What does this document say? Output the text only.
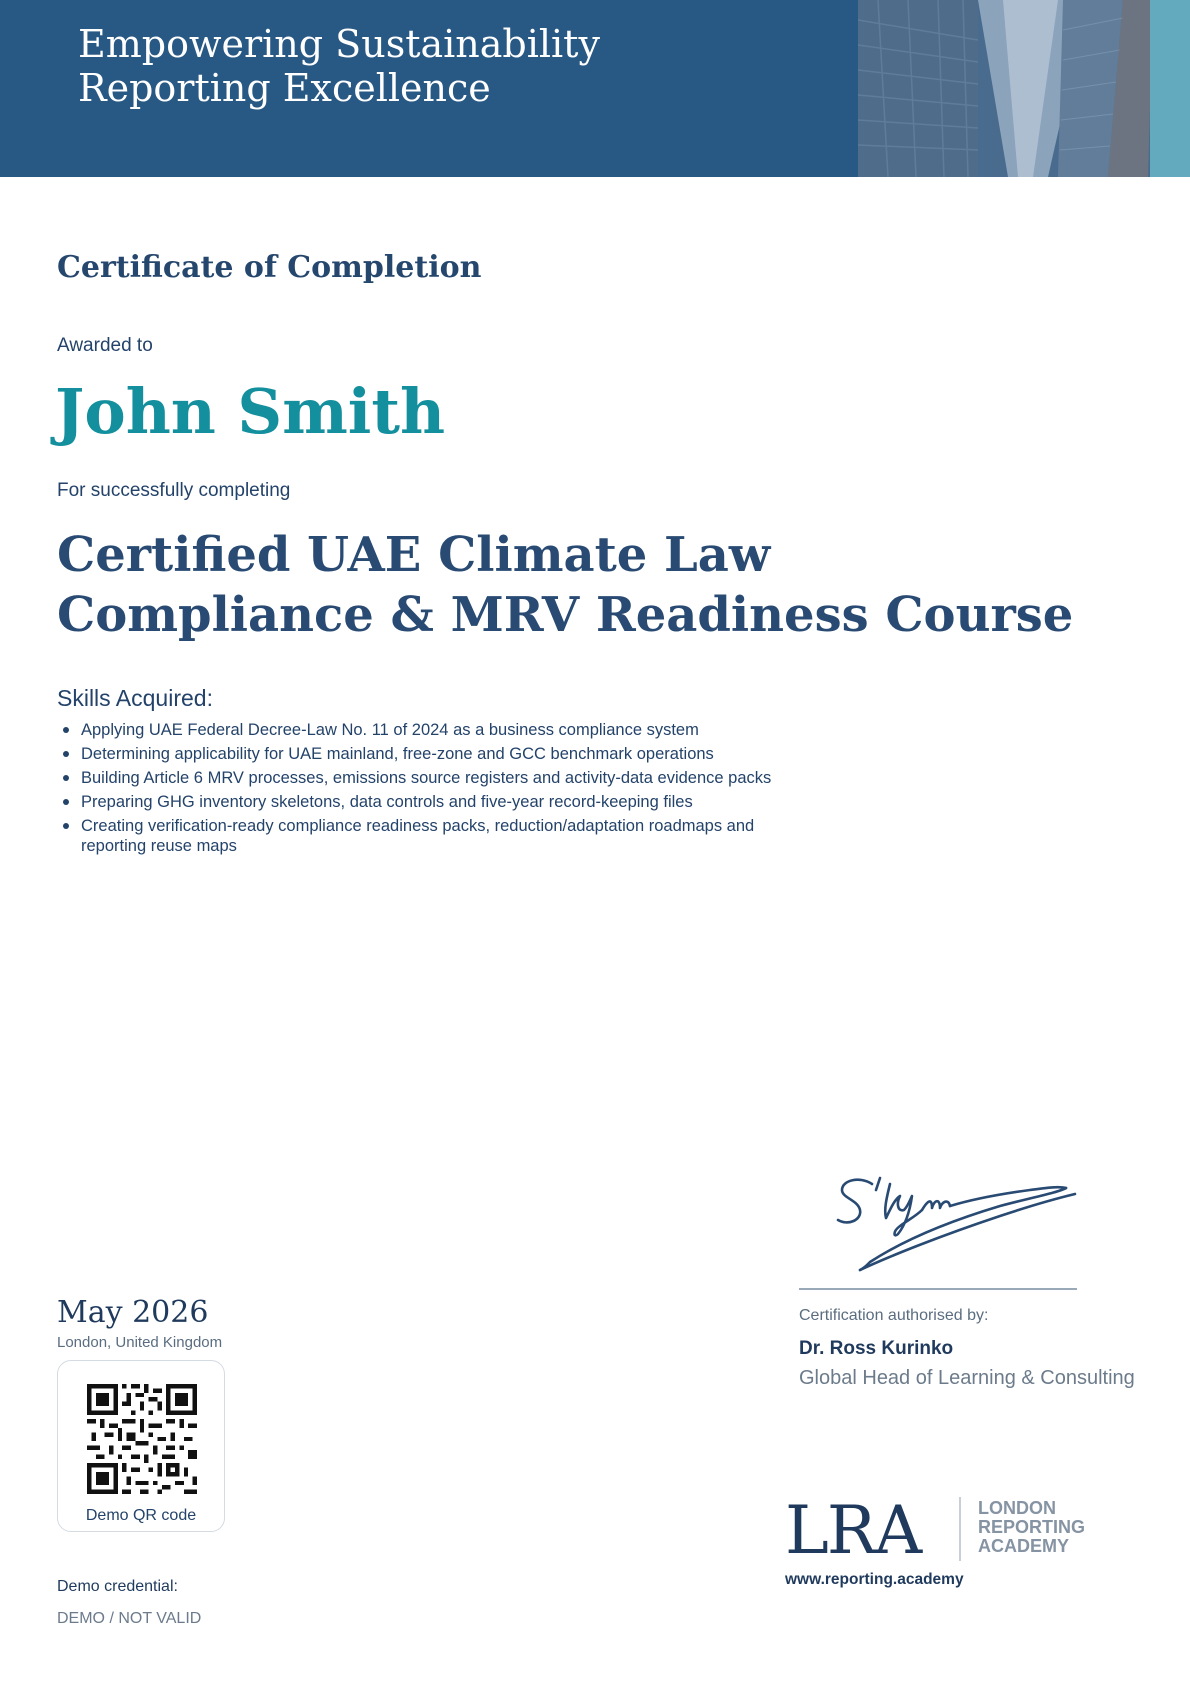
Empowering Sustainability
Reporting Excellence
Certificate of Completion
Awarded to
John Smith
For successfully completing
Certified UAE Climate Law
Compliance & MRV Readiness Course
Skills Acquired:
Applying UAE Federal Decree-Law No. 11 of 2024 as a business compliance system
Determining applicability for UAE mainland, free-zone and GCC benchmark operations
Building Article 6 MRV processes, emissions source registers and activity-data evidence packs
Preparing GHG inventory skeletons, data controls and five-year record-keeping files
Creating verification-ready compliance readiness packs, reduction/adaptation roadmaps and reporting reuse maps
Certification authorised by:
Dr. Ross Kurinko
Global Head of Learning & Consulting
May 2026
London, United Kingdom
Demo QR code
Demo credential:
DEMO / NOT VALID
LRA	LONDON
REPORTING
ACADEMY
www.reporting.academy
